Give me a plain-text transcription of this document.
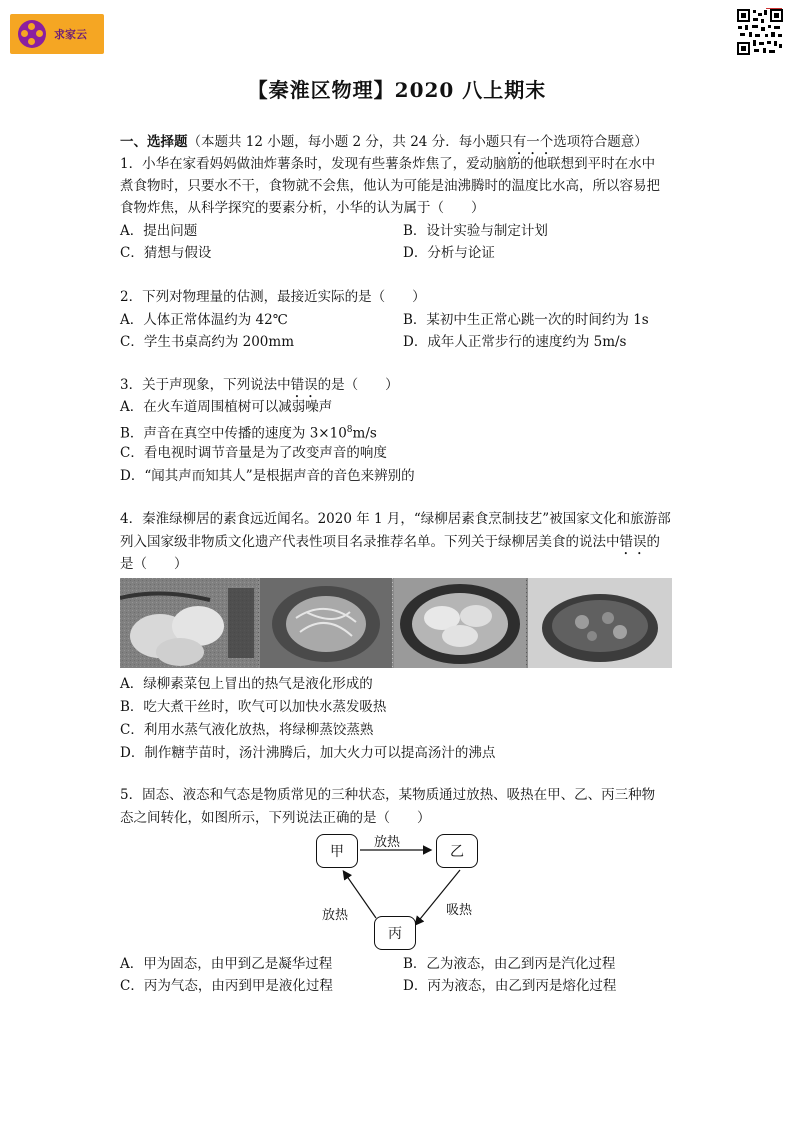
求家云
【秦淮区物理】2020 八上期末
一、选择题（本题共 12 小题，每小题 2 分，共 24 分．每小题只有一个选项符合题意）
1．小华在家看妈妈做油炸薯条时，发现有些薯条炸焦了，爱动脑筋的他联想到平时在水中
煮食物时，只要水不干，食物就不会焦，他认为可能是油沸腾时的温度比水高，所以容易把
食物炸焦，从科学探究的要素分析，小华的认为属于（　　）
A．提出问题	B．设计实验与制定计划
C．猜想与假设	D．分析与论证
2．下列对物理量的估测，最接近实际的是（　　）
A．人体正常体温约为 42℃	B．某初中生正常心跳一次的时间约为 1s
C．学生书桌高约为 200mm	D．成年人正常步行的速度约为 5m/s
3．关于声现象，下列说法中错误的是（　　）
A．在火车道周围植树可以减弱噪声
B．声音在真空中传播的速度为 $3\times 10^8m/s$
C．看电视时调节音量是为了改变声音的响度
D．“闻其声而知其人”是根据声音的音色来辨别的
4．秦淮绿柳居的素食远近闻名。2020 年 1 月，“绿柳居素食烹制技艺”被国家文化和旅游部
列入国家级非物质文化遗产代表性项目名录推荐名单。下列关于绿柳居美食的说法中错误的
是（　　）
A．绿柳素菜包上冒出的热气是液化形成的
B．吃大煮干丝时，吹气可以加快水蒸发吸热
C．利用水蒸气液化放热，将绿柳蒸饺蒸熟
D．制作糖芋苗时，汤汁沸腾后，加大火力可以提高汤汁的沸点
5．固态、液态和气态是物质常见的三种状态，某物质通过放热、吸热在甲、乙、丙三种物
态之间转化，如图所示，下列说法正确的是（　　）
甲	乙
丙
放热
吸热
放热
A．甲为固态，由甲到乙是凝华过程	B．乙为液态，由乙到丙是汽化过程
C．丙为气态，由丙到甲是液化过程	D．丙为液态，由乙到丙是熔化过程
